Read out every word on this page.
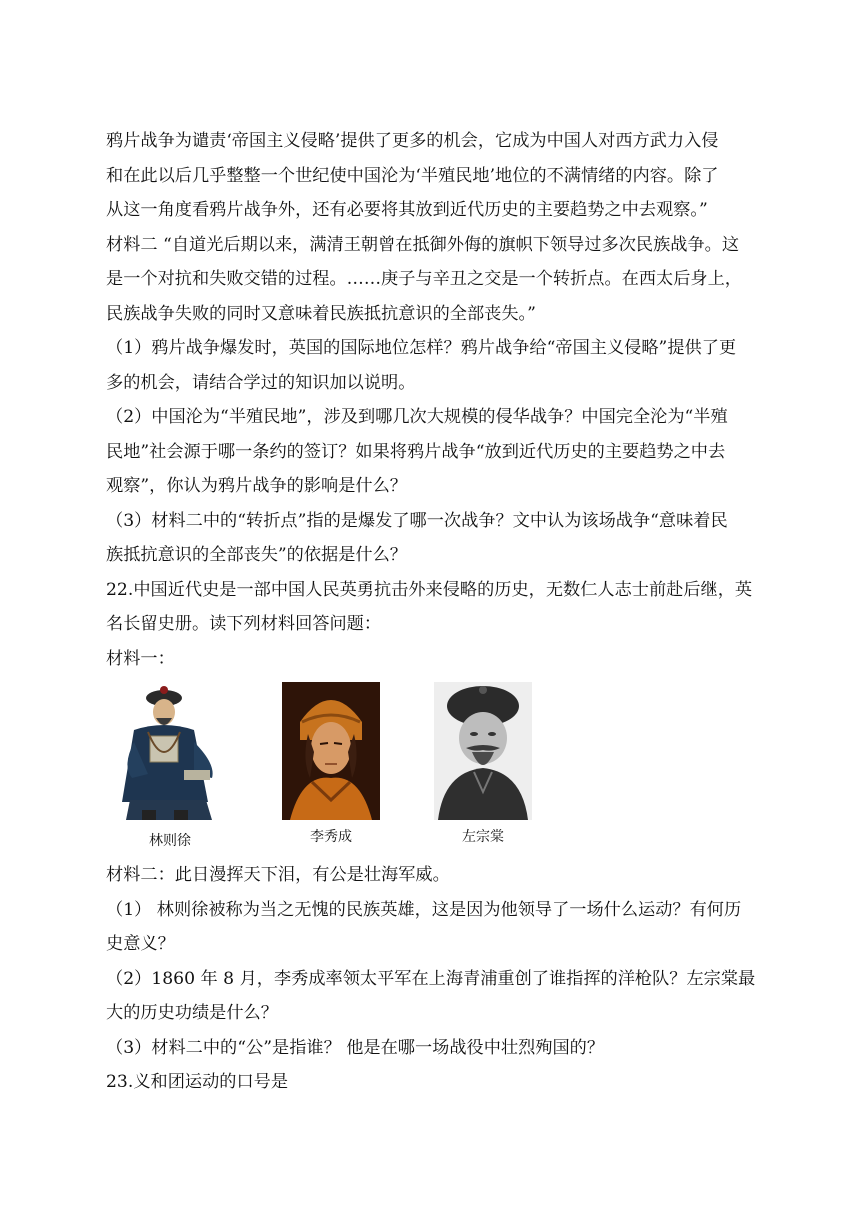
鸦片战争为谴责‘帝国主义侵略’提供了更多的机会，它成为中国人对西方武力入侵
和在此以后几乎整整一个世纪使中国沦为‘半殖民地’地位的不满情绪的内容。除了
从这一角度看鸦片战争外，还有必要将其放到近代历史的主要趋势之中去观察。”
材料二 “自道光后期以来，满清王朝曾在抵御外侮的旗帜下领导过多次民族战争。这
是一个对抗和失败交错的过程。……庚子与辛丑之交是一个转折点。在西太后身上，
民族战争失败的同时又意味着民族抵抗意识的全部丧失。”
（1）鸦片战争爆发时，英国的国际地位怎样？鸦片战争给“帝国主义侵略”提供了更
多的机会，请结合学过的知识加以说明。
（2）中国沦为“半殖民地”，涉及到哪几次大规模的侵华战争？中国完全沦为“半殖
民地”社会源于哪一条约的签订？如果将鸦片战争“放到近代历史的主要趋势之中去
观察”，你认为鸦片战争的影响是什么？
（3）材料二中的“转折点”指的是爆发了哪一次战争？文中认为该场战争“意味着民
族抵抗意识的全部丧失”的依据是什么？
22.中国近代史是一部中国人民英勇抗击外来侵略的历史，无数仁人志士前赴后继，英
名长留史册。读下列材料回答问题：
材料一：
林则徐	李秀成	左宗棠
材料二：此日漫挥天下泪，有公是壮海军威。
（1） 林则徐被称为当之无愧的民族英雄，这是因为他领导了一场什么运动？有何历
史意义？
（2）1860 年 8 月，李秀成率领太平军在上海青浦重创了谁指挥的洋枪队？左宗棠最
大的历史功绩是什么？
（3）材料二中的“公”是指谁？ 他是在哪一场战役中壮烈殉国的？
23.义和团运动的口号是
